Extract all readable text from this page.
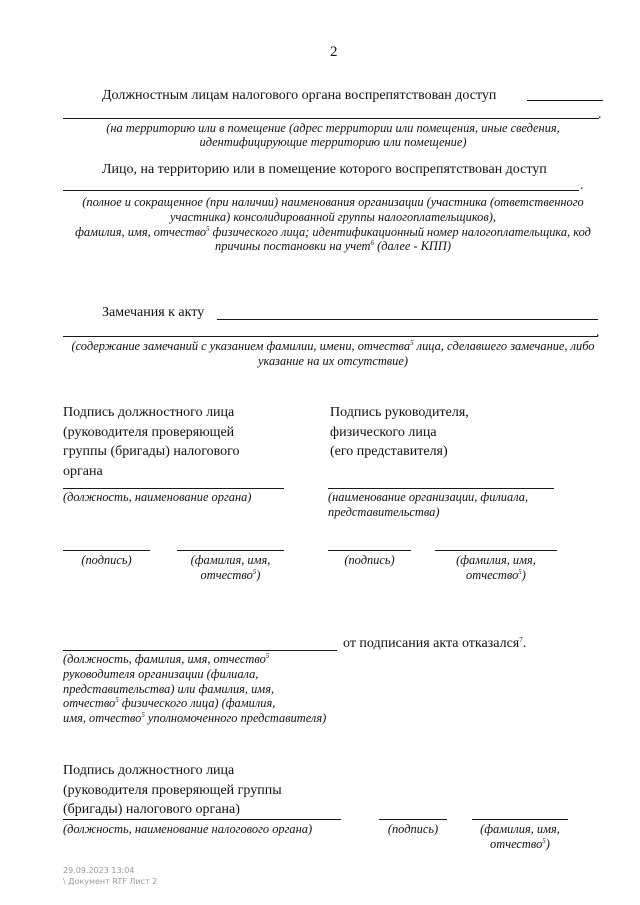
2
Должностным лицам налогового органа воспрепятствован доступ
.
(на территорию или в помещение (адрес территории или помещения, иные сведения,
идентифицирующие территорию или помещение)
Лицо, на территорию или в помещение которого воспрепятствован доступ
.
(полное и сокращенное (при наличии) наименования организации (участника (ответственного
участника) консолидированной группы налогоплательщиков),
фамилия, имя, отчество$^5$ физического лица; идентификационный номер налогоплательщика, код
причины постановки на учет$^6$ (далее - КПП)
Замечания к акту
.
(содержание замечаний с указанием фамилии, имени, отчества$^5$ лица, сделавшего замечание, либо
указание на их отсутствие)
Подпись должностного лица
(руководителя проверяющей
группы (бригады) налогового
органа
Подпись руководителя,
физического лица
(его представителя)
(должность, наименование органа)	(наименование организации, филиала,
представительства)
(подпись)	(фамилия, имя,
отчество$^5$)
(подпись)	(фамилия, имя,
отчество$^5$)
от подписания акта отказался$^7$.
(должность, фамилия, имя, отчество$^5$
руководителя организации (филиала,
представительства) или фамилия, имя,
отчество$^5$ физического лица) (фамилия,
имя, отчество$^5$ уполномоченного представителя)
Подпись должностного лица
(руководителя проверяющей группы
(бригады) налогового органа)
(должность, наименование налогового органа)	(подпись)	(фамилия, имя,
отчество$^5$)
29.09.2023 13:04
\ Документ RTF Лист 2
